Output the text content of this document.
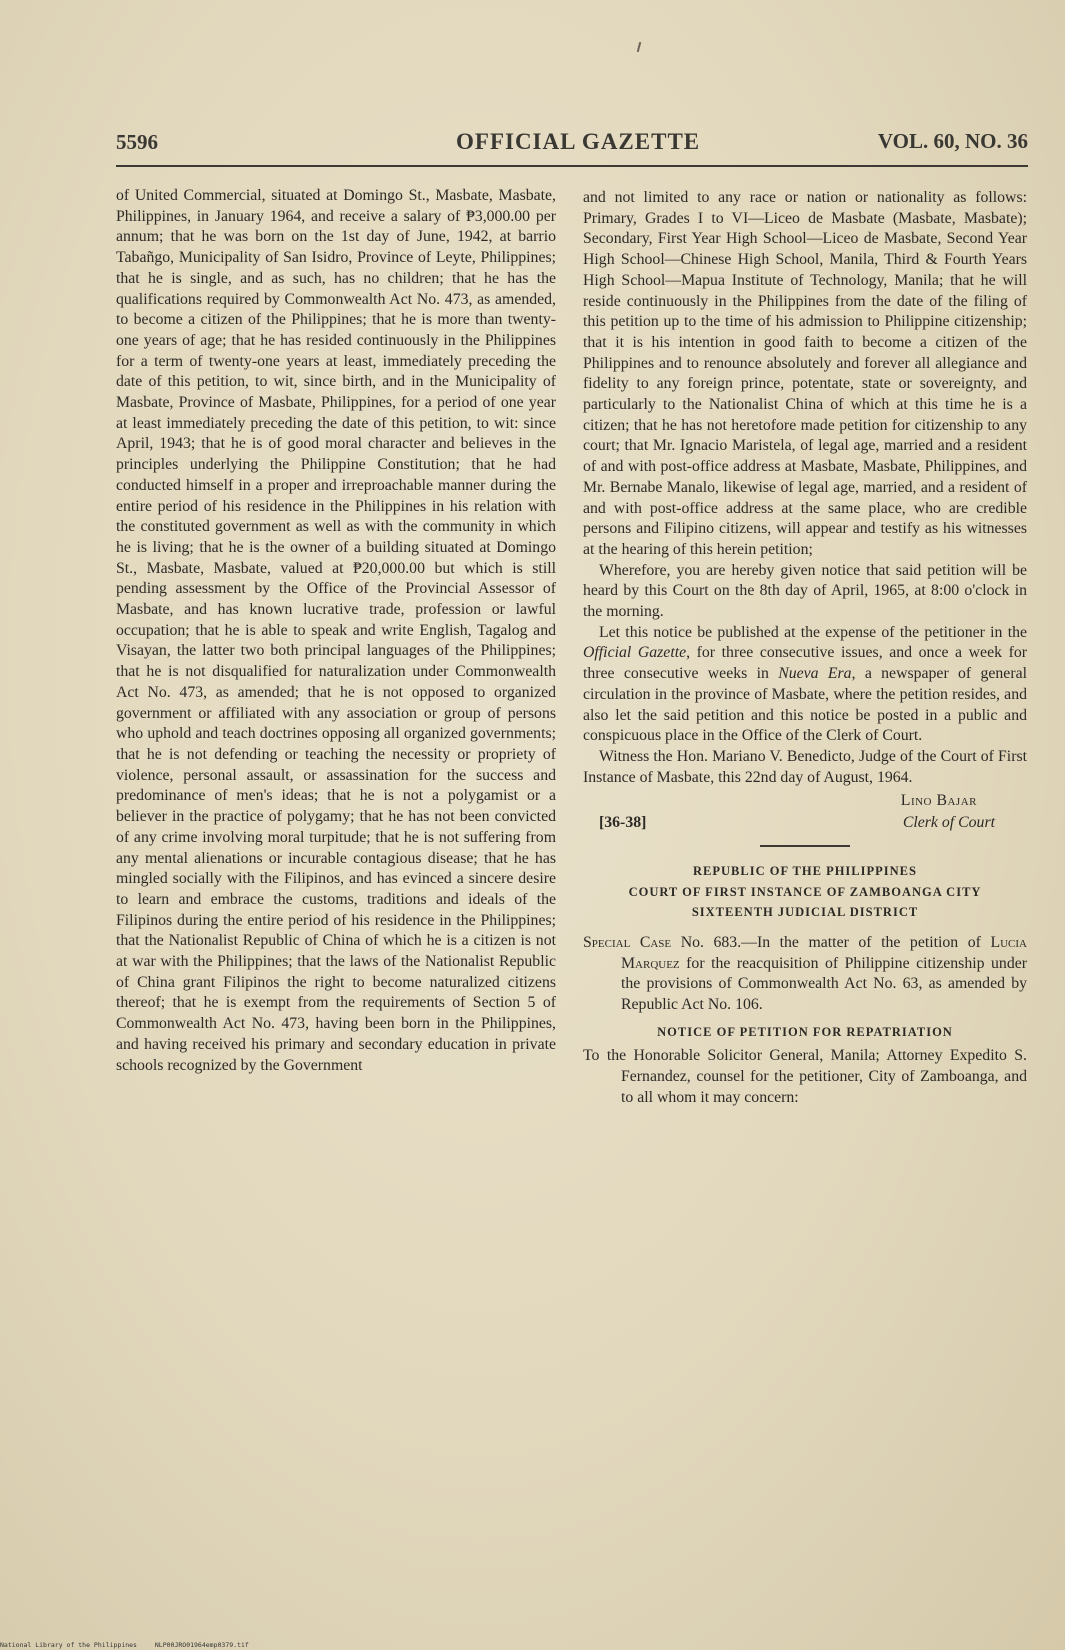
5596	OFFICIAL GAZETTE	VOL. 60, NO. 36

of United Commercial, situated at Domingo St., Masbate, Masbate, Philippines, in January 1964, and receive a salary of ₱3,000.00 per annum; that he was born on the 1st day of June, 1942, at barrio Tabañgo, Municipality of San Isidro, Province of Leyte, Philippines; that he is single, and as such, has no children; that he has the qualifications required by Commonwealth Act No. 473, as amended, to become a citizen of the Philippines; that he is more than twenty-one years of age; that he has resided continuously in the Philippines for a term of twenty-one years at least, immediately preceding the date of this petition, to wit, since birth, and in the Municipality of Masbate, Province of Masbate, Philippines, for a period of one year at least immediately preceding the date of this petition, to wit: since April, 1943; that he is of good moral character and believes in the principles underlying the Philippine Constitution; that he had conducted himself in a proper and irreproachable manner during the entire period of his residence in the Philippines in his relation with the constituted government as well as with the community in which he is living; that he is the owner of a building situated at Domingo St., Masbate, Masbate, valued at ₱20,000.00 but which is still pending assessment by the Office of the Provincial Assessor of Masbate, and has known lucrative trade, profession or lawful occupation; that he is able to speak and write English, Tagalog and Visayan, the latter two both principal languages of the Philippines; that he is not disqualified for naturalization under Commonwealth Act No. 473, as amended; that he is not opposed to organized government or affiliated with any association or group of persons who uphold and teach doctrines opposing all organized governments; that he is not defending or teaching the necessity or propriety of violence, personal assault, or assassination for the success and predominance of men's ideas; that he is not a polygamist or a believer in the practice of polygamy; that he has not been convicted of any crime involving moral turpitude; that he is not suffering from any mental alienations or incurable contagious disease; that he has mingled socially with the Filipinos, and has evinced a sincere desire to learn and embrace the customs, traditions and ideals of the Filipinos during the entire period of his residence in the Philippines; that the Nationalist Republic of China of which he is a citizen is not at war with the Philippines; that the laws of the Nationalist Republic of China grant Filipinos the right to become naturalized citizens thereof; that he is exempt from the requirements of Section 5 of Commonwealth Act No. 473, having been born in the Philippines, and having received his primary and secondary education in private schools recognized by the Government

and not limited to any race or nation or nationality as follows: Primary, Grades I to VI—Liceo de Masbate (Masbate, Masbate); Secondary, First Year High School—Liceo de Masbate, Second Year High School—Chinese High School, Manila, Third & Fourth Years High School—Mapua Institute of Technology, Manila; that he will reside continuously in the Philippines from the date of the filing of this petition up to the time of his admission to Philippine citizenship; that it is his intention in good faith to become a citizen of the Philippines and to renounce absolutely and forever all allegiance and fidelity to any foreign prince, potentate, state or sovereignty, and particularly to the Nationalist China of which at this time he is a citizen; that he has not heretofore made petition for citizenship to any court; that Mr. Ignacio Maristela, of legal age, married and a resident of and with post-office address at Masbate, Masbate, Philippines, and Mr. Bernabe Manalo, likewise of legal age, married, and a resident of and with post-office address at the same place, who are credible persons and Filipino citizens, will appear and testify as his witnesses at the hearing of this herein petition;

Wherefore, you are hereby given notice that said petition will be heard by this Court on the 8th day of April, 1965, at 8:00 o'clock in the morning.

Let this notice be published at the expense of the petitioner in the Official Gazette, for three consecutive issues, and once a week for three consecutive weeks in Nueva Era, a newspaper of general circulation in the province of Masbate, where the petition resides, and also let the said petition and this notice be posted in a public and conspicuous place in the Office of the Clerk of Court.

Witness the Hon. Mariano V. Benedicto, Judge of the Court of First Instance of Masbate, this 22nd day of August, 1964.

Lino Bajar
[36-38]	Clerk of Court
REPUBLIC OF THE PHILIPPINES
COURT OF FIRST INSTANCE OF ZAMBOANGA CITY
SIXTEENTH JUDICIAL DISTRICT

Special Case No. 683.—In the matter of the petition of Lucia Marquez for the reacquisition of Philippine citizenship under the provisions of Commonwealth Act No. 63, as amended by Republic Act No. 106.

NOTICE OF PETITION FOR REPATRIATION

To the Honorable Solicitor General, Manila; Attorney Expedito S. Fernandez, counsel for the petitioner, City of Zamboanga, and to all whom it may concern:

National Library of the Philippines	NLP00JRO01964emp0379.tif
